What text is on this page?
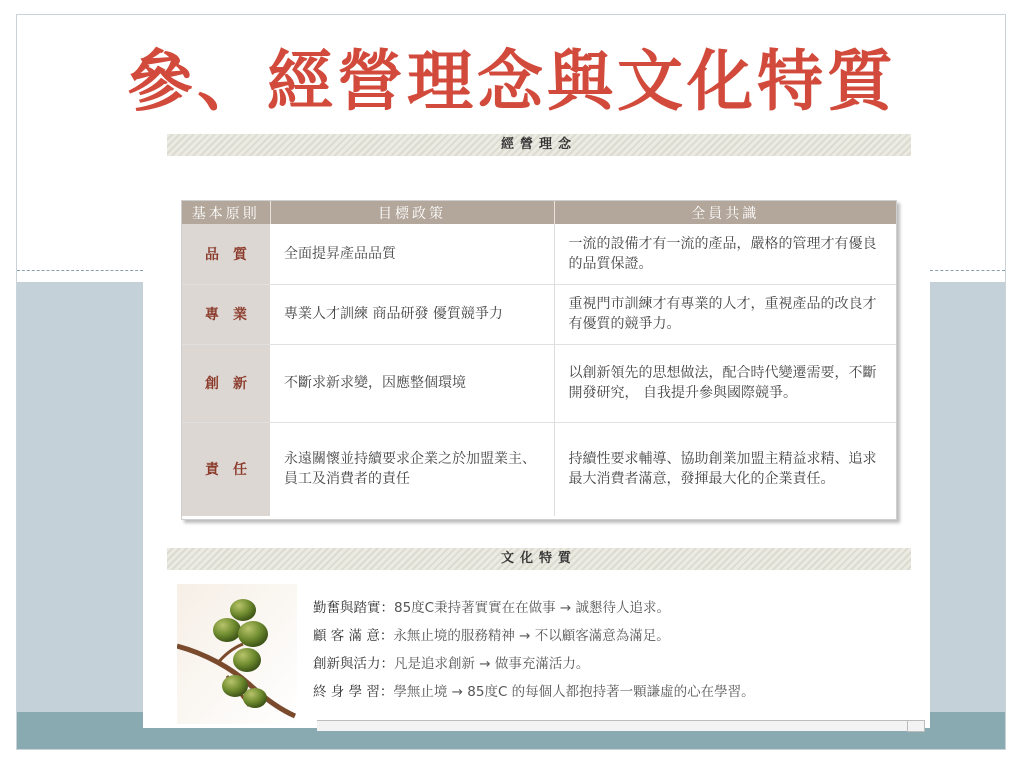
參、經營理念與文化特質
經營理念
基本原則	目標政策	全員共識
品質	全面提昇產品品質	一流的設備才有一流的產品，嚴格的管理才有優良的品質保證。
專業	專業人才訓練 商品研發 優質競爭力	重視門市訓練才有專業的人才，重視產品的改良才有優質的競爭力。
創新	不斷求新求變，因應整個環境	以創新領先的思想做法，配合時代變遷需要，不斷開發研究， 自我提升參與國際競爭。
責任	永遠關懷並持續要求企業之於加盟業主、員工及消費者的責任	持續性要求輔導、協助創業加盟主精益求精、追求最大消費者滿意，發揮最大化的企業責任。
文化特質
勤奮與踏實：85度C秉持著實實在在做事 → 誠懇待人追求。
顧 客 滿 意：永無止境的服務精神 → 不以顧客滿意為滿足。
創新與活力：凡是追求創新 → 做事充滿活力。
終 身 學 習：學無止境 → 85度C 的每個人都抱持著一顆謙虛的心在學習。
